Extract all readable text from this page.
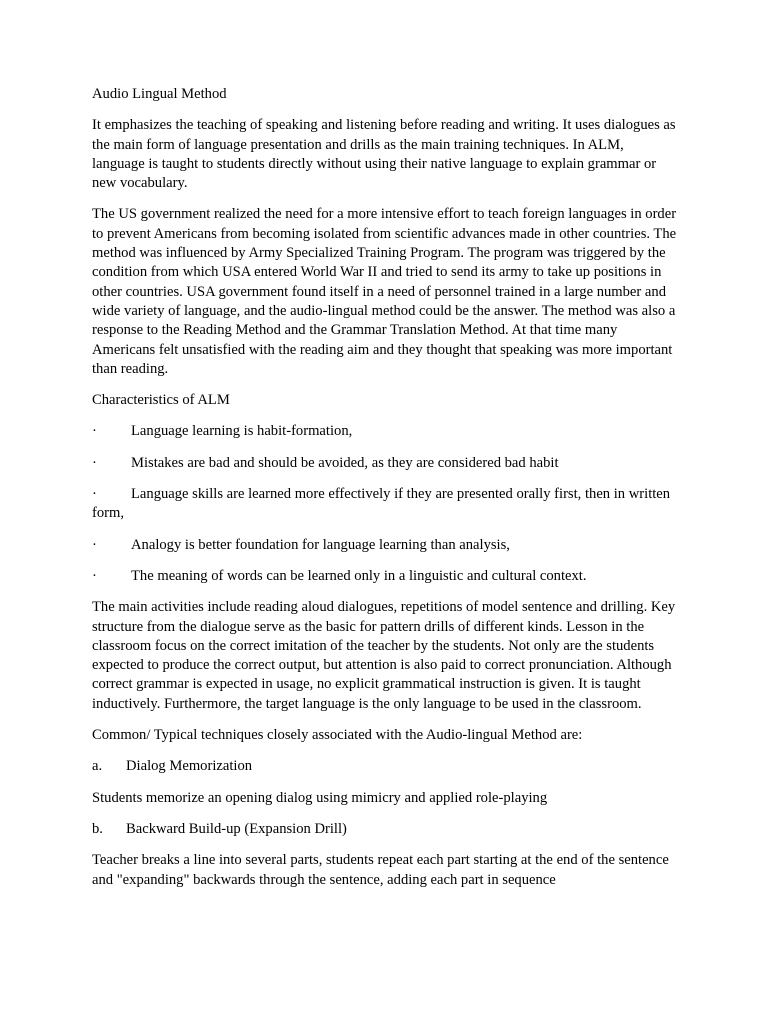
Audio Lingual Method

It emphasizes the teaching of speaking and listening before reading and writing. It uses dialogues as the main form of language presentation and drills as the main training techniques. In ALM, language is taught to students directly without using their native language to explain grammar or new vocabulary.

The US government realized the need for a more intensive effort to teach foreign languages in order to prevent Americans from becoming isolated from scientific advances made in other countries. The method was influenced by Army Specialized Training Program. The program was triggered by the condition from which USA entered World War II and tried to send its army to take up positions in other countries. USA government found itself in a need of personnel trained in a large number and wide variety of language, and the audio-lingual method could be the answer. The method was also a response to the Reading Method and the Grammar Translation Method. At that time many Americans felt unsatisfied with the reading aim and they thought that speaking was more important than reading.

Characteristics of ALM
· Language learning is habit-formation,
· Mistakes are bad and should be avoided, as they are considered bad habit
· Language skills are learned more effectively if they are presented orally first, then in written form,
· Analogy is better foundation for language learning than analysis,
· The meaning of words can be learned only in a linguistic and cultural context.

The main activities include reading aloud dialogues, repetitions of model sentence and drilling. Key structure from the dialogue serve as the basic for pattern drills of different kinds. Lesson in the classroom focus on the correct imitation of the teacher by the students. Not only are the students expected to produce the correct output, but attention is also paid to correct pronunciation. Although correct grammar is expected in usage, no explicit grammatical instruction is given. It is taught inductively. Furthermore, the target language is the only language to be used in the classroom.

Common/ Typical techniques closely associated with the Audio-lingual Method are:

a. Dialog Memorization

Students memorize an opening dialog using mimicry and applied role-playing

b. Backward Build-up (Expansion Drill)

Teacher breaks a line into several parts, students repeat each part starting at the end of the sentence and "expanding" backwards through the sentence, adding each part in sequence
